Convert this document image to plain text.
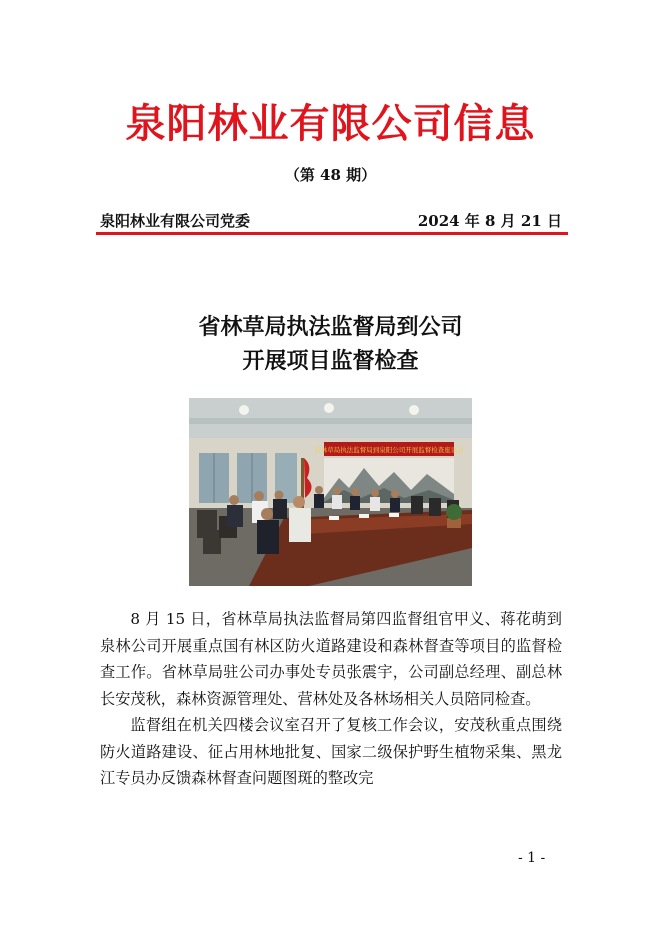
泉阳林业有限公司信息
（第 48 期）
泉阳林业有限公司党委	2024 年 8 月 21 日
省林草局执法监督局到公司
开展项目监督检查
省林草局执法监督局到泉阳公司开展监督检查座谈会

8 月 15 日，省林草局执法监督局第四监督组官甲义、蒋花萌到泉林公司开展重点国有林区防火道路建设和森林督查等项目的监督检查工作。省林草局驻公司办事处专员张震宇，公司副总经理、副总林长安茂秋，森林资源管理处、营林处及各林场相关人员陪同检查。

监督组在机关四楼会议室召开了复核工作会议，安茂秋重点围绕防火道路建设、征占用林地批复、国家二级保护野生植物采集、黑龙江专员办反馈森林督查问题图斑的整改完

- 1 -
